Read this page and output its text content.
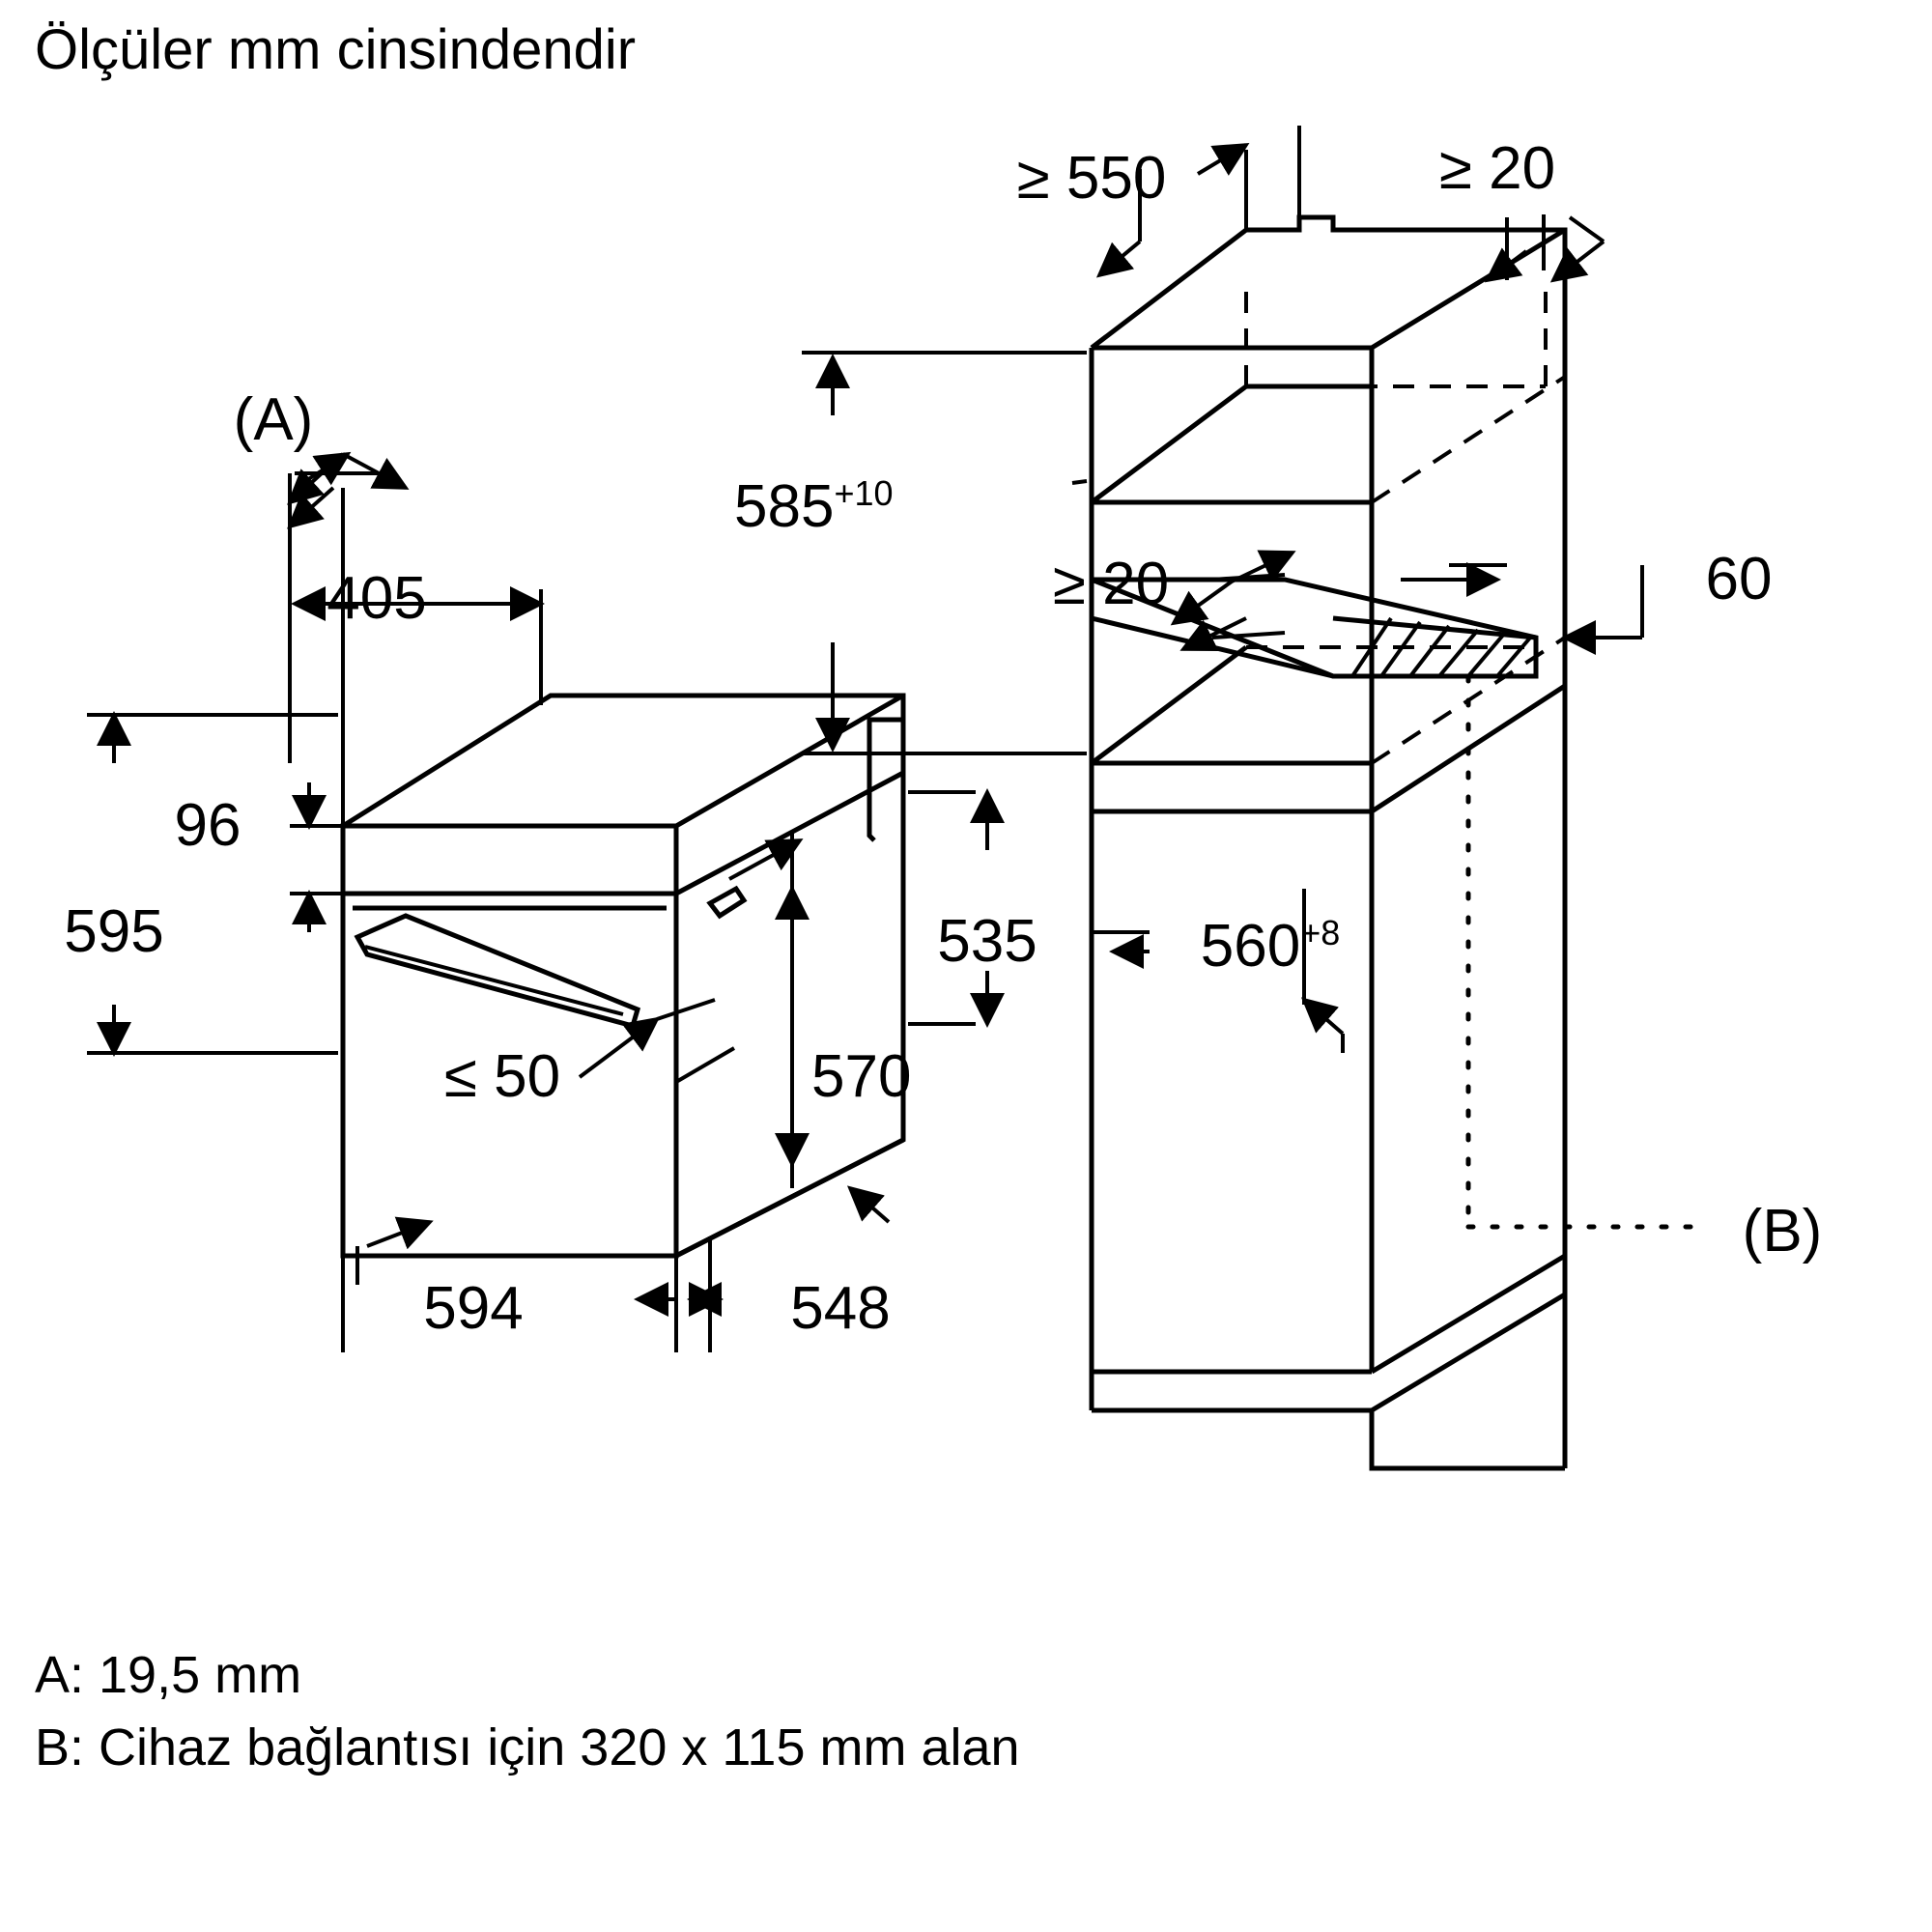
Ölçüler mm cinsindendir
405
(A)
96
595
≤ 50	570
594	548
≥ 550	≥ 20
$585^{+10}$
≥ 20	60
535	$560^{+8}$
(B)
A: 19,5 mm
B: Cihaz bağlantısı için 320 x 115 mm alan
